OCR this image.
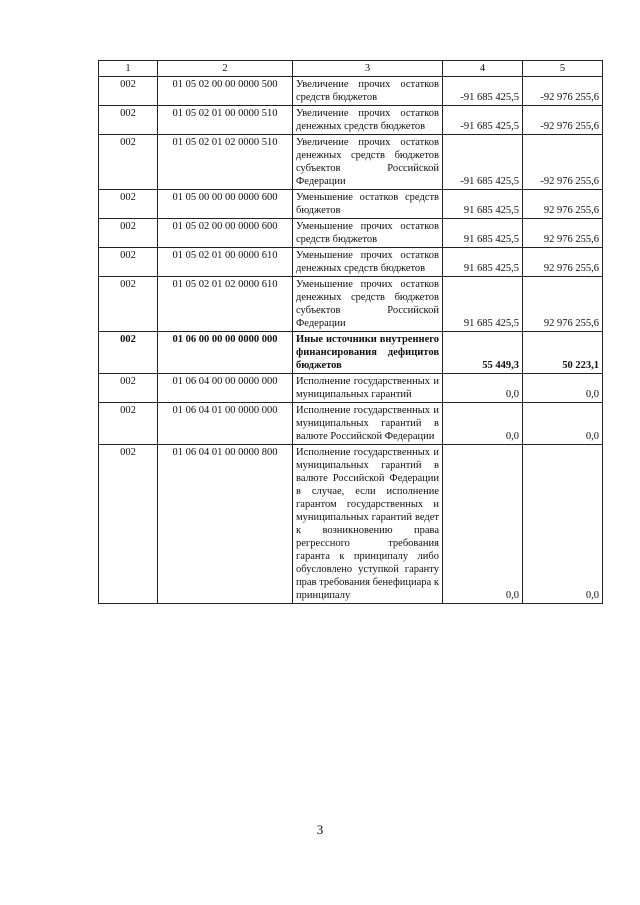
1	2	3	4	5
002	01 05 02 00 00 0000 500	Увеличение прочих остатков средств бюджетов	-91 685 425,5	-92 976 255,6
002	01 05 02 01 00 0000 510	Увеличение прочих остатков денежных средств бюджетов	-91 685 425,5	-92 976 255,6
002	01 05 02 01 02 0000 510	Увеличение прочих остатков денежных средств бюджетов субъектов Российской Федерации	-91 685 425,5	-92 976 255,6
002	01 05 00 00 00 0000 600	Уменьшение остатков средств бюджетов	91 685 425,5	92 976 255,6
002	01 05 02 00 00 0000 600	Уменьшение прочих остатков средств бюджетов	91 685 425,5	92 976 255,6
002	01 05 02 01 00 0000 610	Уменьшение прочих остатков денежных средств бюджетов	91 685 425,5	92 976 255,6
002	01 05 02 01 02 0000 610	Уменьшение прочих остатков денежных средств бюджетов субъектов Российской Федерации	91 685 425,5	92 976 255,6
002	01 06 00 00 00 0000 000	Иные источники внутреннего финансирования дефицитов бюджетов	55 449,3	50 223,1
002	01 06 04 00 00 0000 000	Исполнение государственных и муниципальных гарантий	0,0	0,0
002	01 06 04 01 00 0000 000	Исполнение государственных и муниципальных гарантий в валюте Российской Федерации	0,0	0,0
002	01 06 04 01 00 0000 800	Исполнение государственных и муниципальных гарантий в валюте Российской Федерации в случае, если исполнение гарантом государственных и муниципальных гарантий ведет к возникновению права регрессного требования гаранта к принципалу либо обусловлено уступкой гаранту прав требования бенефициара к принципалу	0,0	0,0
3
